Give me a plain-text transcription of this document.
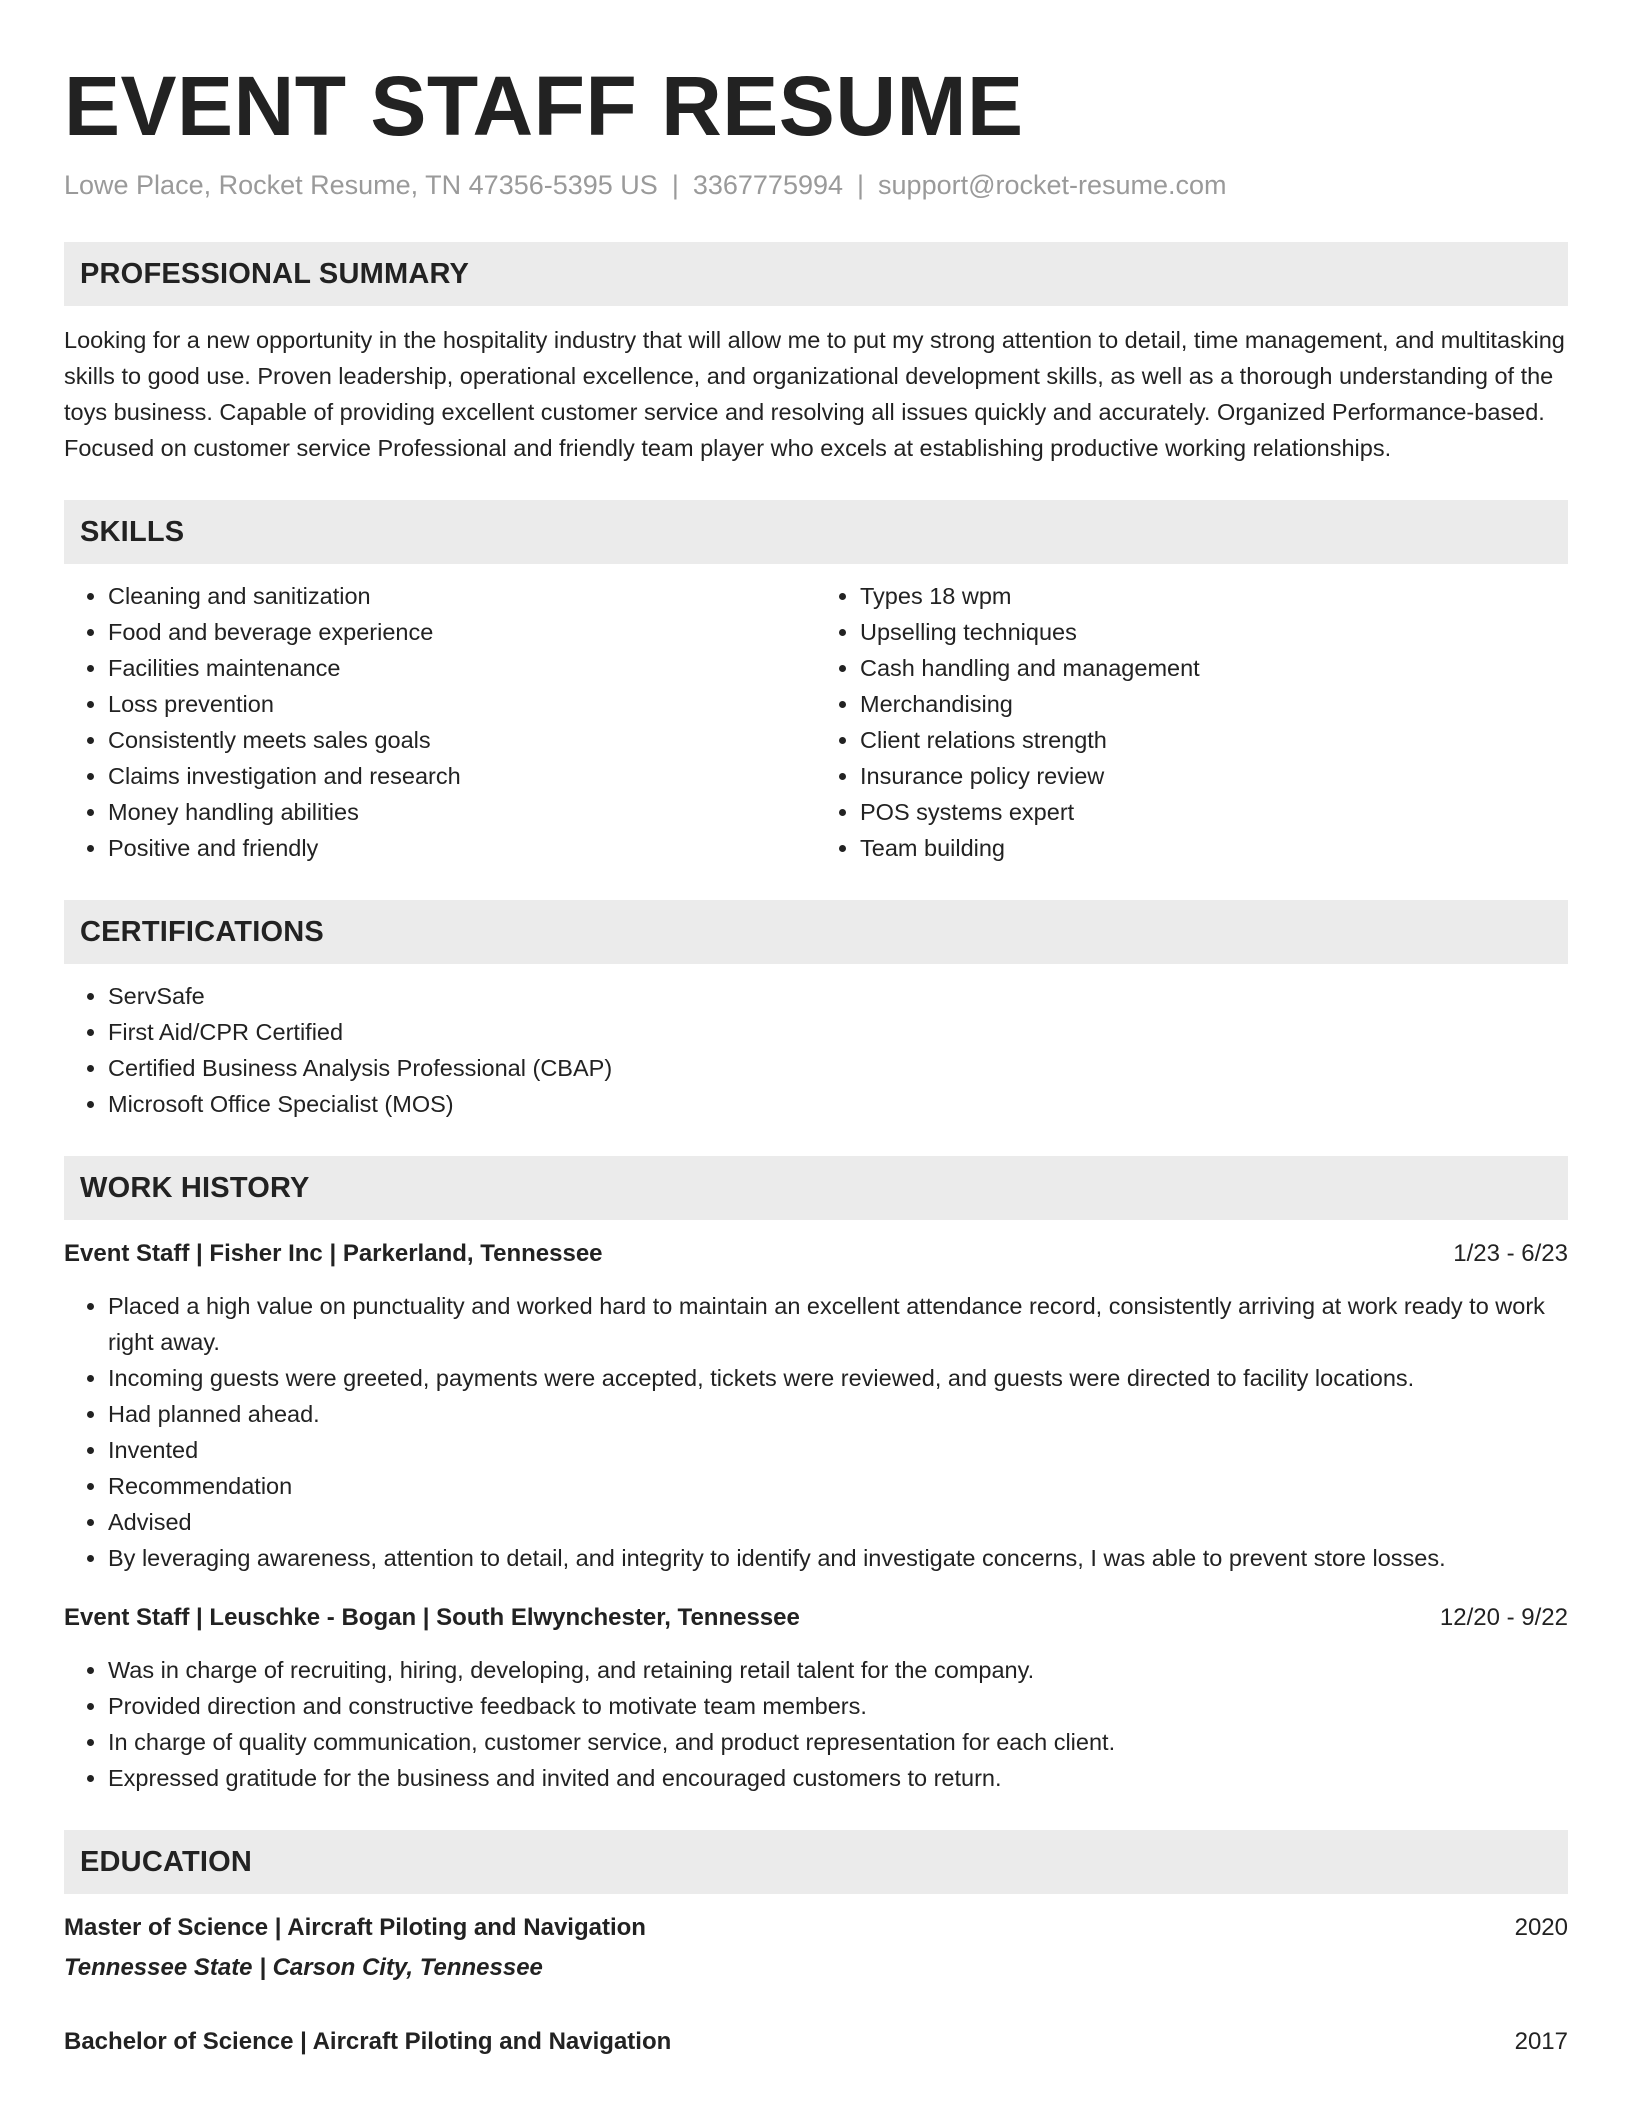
EVENT STAFF RESUME
Lowe Place, Rocket Resume, TN 47356-5395 US | 3367775994 | support@rocket-resume.com
PROFESSIONAL SUMMARY

Looking for a new opportunity in the hospitality industry that will allow me to put my strong attention to detail, time management, and multitasking skills to good use. Proven leadership, operational excellence, and organizational development skills, as well as a thorough understanding of the toys business. Capable of providing excellent customer service and resolving all issues quickly and accurately. Organized Performance-based. Focused on customer service Professional and friendly team player who excels at establishing productive working relationships.

SKILLS
• Cleaning and sanitization
• Food and beverage experience
• Facilities maintenance
• Loss prevention
• Consistently meets sales goals
• Claims investigation and research
• Money handling abilities
• Positive and friendly
• Types 18 wpm
• Upselling techniques
• Cash handling and management
• Merchandising
• Client relations strength
• Insurance policy review
• POS systems expert
• Team building
CERTIFICATIONS
• ServSafe
• First Aid/CPR Certified
• Certified Business Analysis Professional (CBAP)
• Microsoft Office Specialist (MOS)
WORK HISTORY
Event Staff | Fisher Inc | Parkerland, Tennessee	1/23 - 6/23
• Placed a high value on punctuality and worked hard to maintain an excellent attendance record, consistently arriving at work ready to work right away.
• Incoming guests were greeted, payments were accepted, tickets were reviewed, and guests were directed to facility locations.
• Had planned ahead.
• Invented
• Recommendation
• Advised
• By leveraging awareness, attention to detail, and integrity to identify and investigate concerns, I was able to prevent store losses.
Event Staff | Leuschke - Bogan | South Elwynchester, Tennessee	12/20 - 9/22
• Was in charge of recruiting, hiring, developing, and retaining retail talent for the company.
• Provided direction and constructive feedback to motivate team members.
• In charge of quality communication, customer service, and product representation for each client.
• Expressed gratitude for the business and invited and encouraged customers to return.
EDUCATION
Master of Science | Aircraft Piloting and Navigation	2020
Tennessee State | Carson City, Tennessee
Bachelor of Science | Aircraft Piloting and Navigation	2017
